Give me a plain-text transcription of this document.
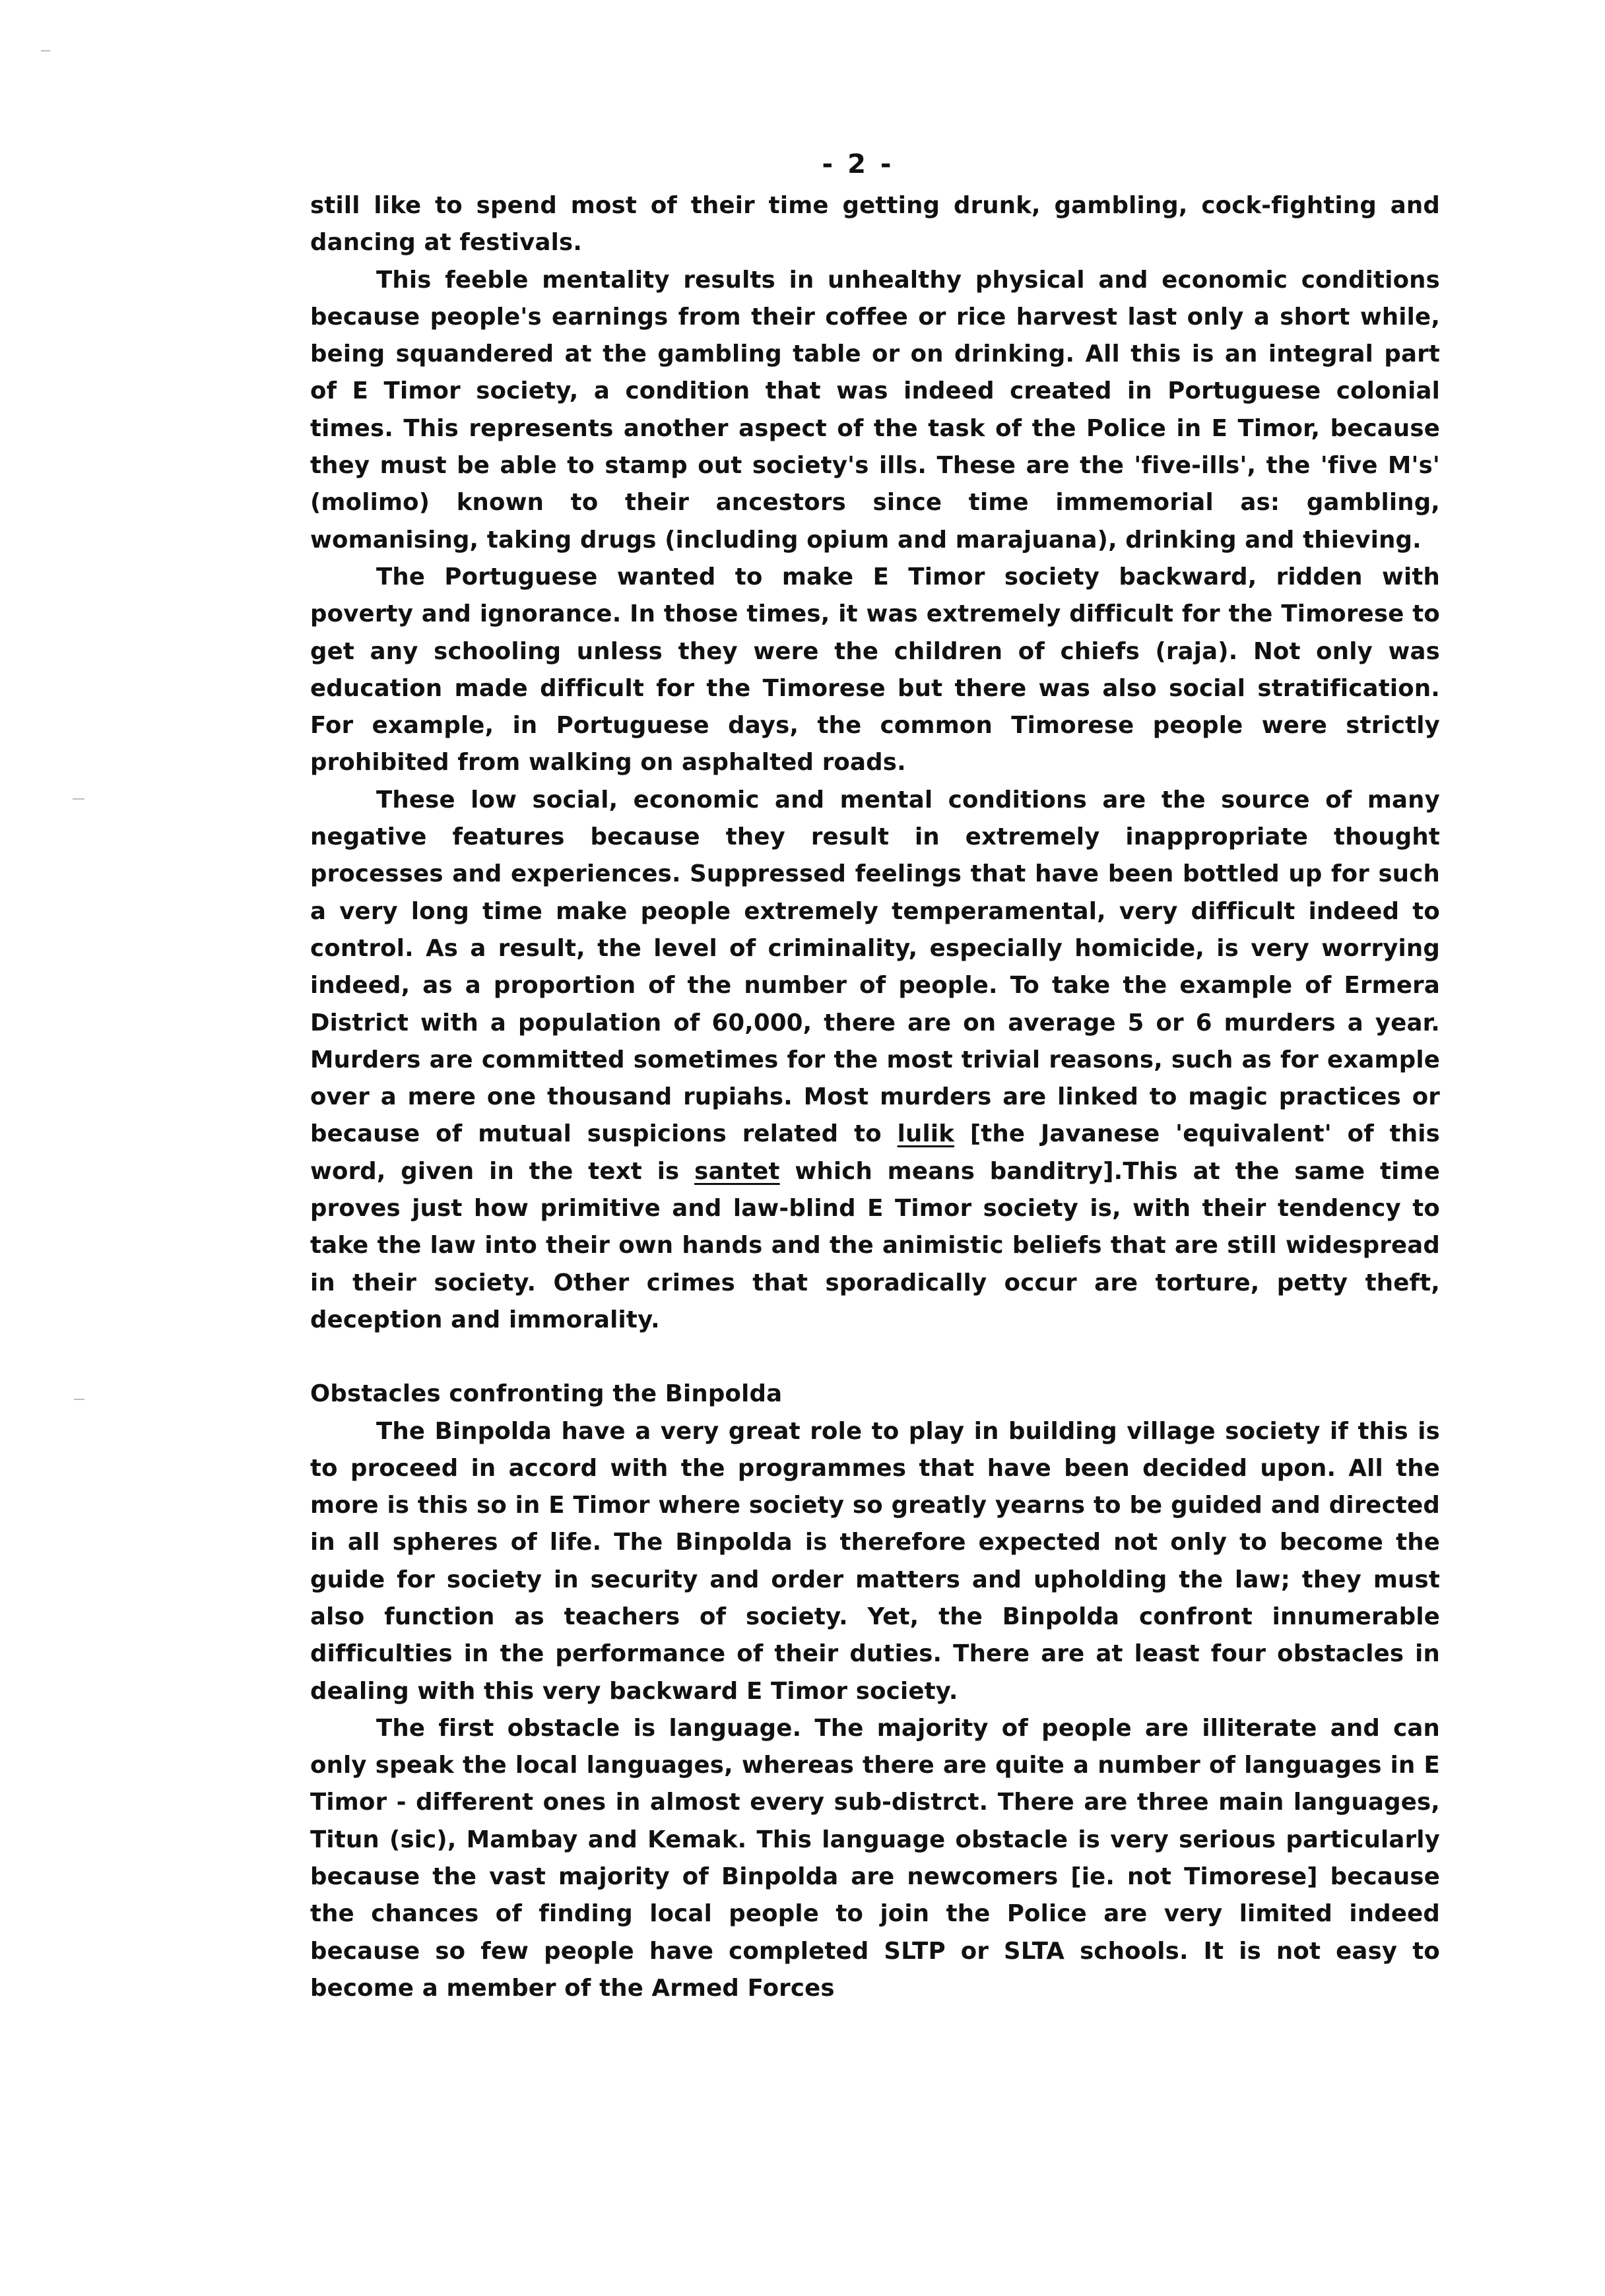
- 2 -

still like to spend most of their time getting drunk, gambling, cock-fighting and dancing at festivals.

This feeble mentality results in unhealthy physical and economic conditions because people's earnings from their coffee or rice harvest last only a short while, being squandered at the gambling table or on drinking. All this is an integral part of E Timor society, a condition that was indeed created in Portuguese colonial times. This represents another aspect of the task of the Police in E Timor, because they must be able to stamp out society's ills. These are the 'five-ills', the 'five M's' (molimo) known to their ancestors since time immemorial as: gambling, womanising, taking drugs (including opium and marajuana), drinking and thieving.

The Portuguese wanted to make E Timor society backward, ridden with poverty and ignorance. In those times, it was extremely difficult for the Timorese to get any schooling unless they were the children of chiefs (raja). Not only was education made difficult for the Timorese but there was also social stratification. For example, in Portuguese days, the common Timorese people were strictly prohibited from walking on asphalted roads.

These low social, economic and mental conditions are the source of many negative features because they result in extremely inappropriate thought processes and experiences. Suppressed feelings that have been bottled up for such a very long time make people extremely temperamental, very difficult indeed to control. As a result, the level of criminality, especially homicide, is very worrying indeed, as a proportion of the number of people. To take the example of Ermera District with a population of 60,000, there are on average 5 or 6 murders a year. Murders are committed sometimes for the most trivial reasons, such as for example over a mere one thousand rupiahs. Most murders are linked to magic practices or because of mutual suspicions related to lulik [the Javanese 'equivalent' of this word, given in the text is santet which means banditry].This at the same time proves just how primitive and law-blind E Timor society is, with their tendency to take the law into their own hands and the animistic beliefs that are still widespread in their society. Other crimes that sporadically occur are torture, petty theft, deception and immorality.

Obstacles confronting the Binpolda

The Binpolda have a very great role to play in building village society if this is to proceed in accord with the programmes that have been decided upon. All the more is this so in E Timor where society so greatly yearns to be guided and directed in all spheres of life. The Binpolda is therefore expected not only to become the guide for society in security and order matters and upholding the law; they must also function as teachers of society. Yet, the Binpolda confront innumerable difficulties in the performance of their duties. There are at least four obstacles in dealing with this very backward E Timor society.

The first obstacle is language. The majority of people are illiterate and can only speak the local languages, whereas there are quite a number of languages in E Timor - different ones in almost every sub-distrct. There are three main languages, Titun (sic), Mambay and Kemak. This language obstacle is very serious particularly because the vast majority of Binpolda are newcomers [ie. not Timorese] because the chances of finding local people to join the Police are very limited indeed because so few people have completed SLTP or SLTA schools. It is not easy to become a member of the Armed Forces
